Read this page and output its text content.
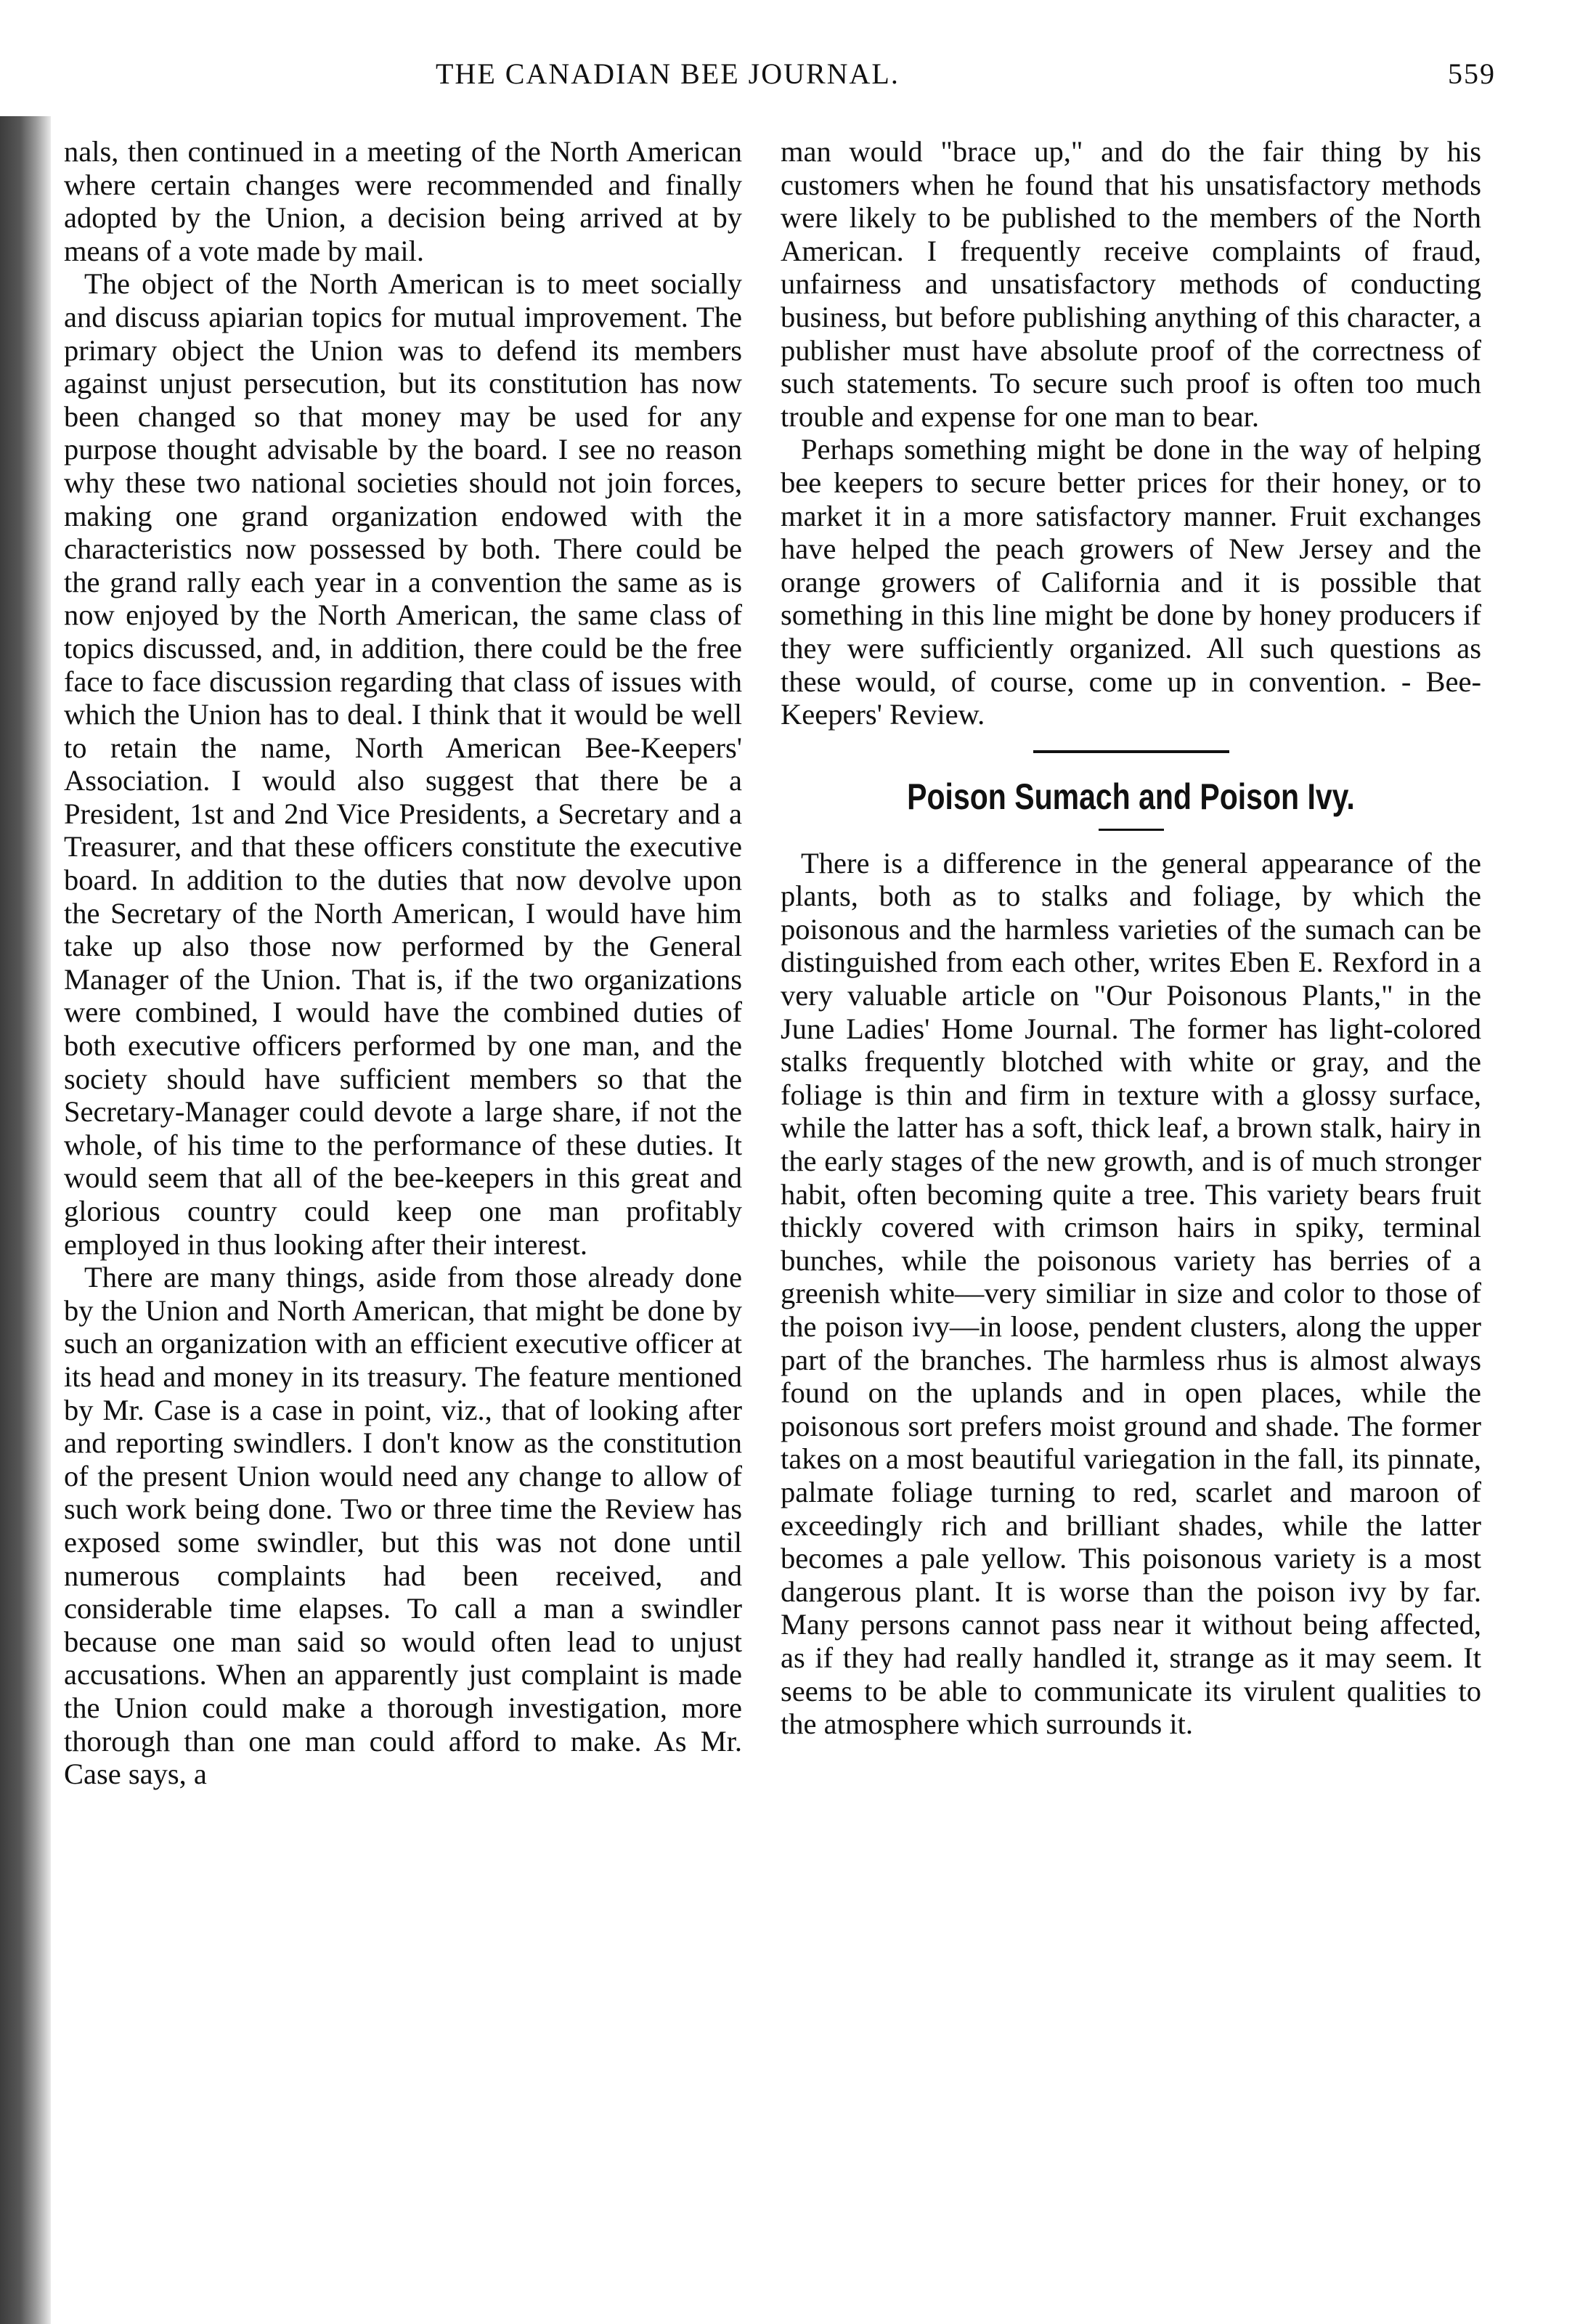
THE CANADIAN BEE JOURNAL.	559

nals, then continued in a meeting of the North American where certain changes were recommended and finally adopted by the Union, a decision being arrived at by means of a vote made by mail.

The object of the North American is to meet socially and discuss apiarian topics for mutual improvement. The primary object the Union was to defend its members against unjust persecution, but its constitution has now been changed so that money may be used for any purpose thought advisable by the board. I see no reason why these two national societies should not join forces, making one grand organization endowed with the characteristics now possessed by both. There could be the grand rally each year in a convention the same as is now enjoyed by the North American, the same class of topics discussed, and, in addition, there could be the free face to face discussion regarding that class of issues with which the Union has to deal. I think that it would be well to retain the name, North American Bee-Keepers' Association. I would also suggest that there be a President, 1st and 2nd Vice Presidents, a Secretary and a Treasurer, and that these officers constitute the executive board. In addition to the duties that now devolve upon the Secretary of the North American, I would have him take up also those now performed by the General Manager of the Union. That is, if the two organizations were combined, I would have the combined duties of both executive officers performed by one man, and the society should have sufficient members so that the Secretary-Manager could devote a large share, if not the whole, of his time to the performance of these duties. It would seem that all of the bee-keepers in this great and glorious country could keep one man profitably employed in thus looking after their interest.

There are many things, aside from those already done by the Union and North American, that might be done by such an organization with an efficient executive officer at its head and money in its treasury. The feature mentioned by Mr. Case is a case in point, viz., that of looking after and reporting swindlers. I don't know as the constitution of the present Union would need any change to allow of such work being done. Two or three time the Review has exposed some swindler, but this was not done until numerous complaints had been received, and considerable time elapses. To call a man a swindler because one man said so would often lead to unjust accusations. When an apparently just complaint is made the Union could make a thorough investigation, more thorough than one man could afford to make. As Mr. Case says, a

man would "brace up," and do the fair thing by his customers when he found that his unsatisfactory methods were likely to be published to the members of the North American. I frequently receive complaints of fraud, unfairness and unsatisfactory methods of conducting business, but before publishing anything of this character, a publisher must have absolute proof of the correctness of such statements. To secure such proof is often too much trouble and expense for one man to bear.

Perhaps something might be done in the way of helping bee keepers to secure better prices for their honey, or to market it in a more satisfactory manner. Fruit exchanges have helped the peach growers of New Jersey and the orange growers of California and it is possible that something in this line might be done by honey producers if they were sufficiently organized. All such questions as these would, of course, come up in convention. - Bee-Keepers' Review.

Poison Sumach and Poison Ivy.

There is a difference in the general appearance of the plants, both as to stalks and foliage, by which the poisonous and the harmless varieties of the sumach can be distinguished from each other, writes Eben E. Rexford in a very valuable article on "Our Poisonous Plants," in the June Ladies' Home Journal. The former has light-colored stalks frequently blotched with white or gray, and the foliage is thin and firm in texture with a glossy surface, while the latter has a soft, thick leaf, a brown stalk, hairy in the early stages of the new growth, and is of much stronger habit, often becoming quite a tree. This variety bears fruit thickly covered with crimson hairs in spiky, terminal bunches, while the poisonous variety has berries of a greenish white—very similiar in size and color to those of the poison ivy—in loose, pendent clusters, along the upper part of the branches. The harmless rhus is almost always found on the uplands and in open places, while the poisonous sort prefers moist ground and shade. The former takes on a most beautiful variegation in the fall, its pinnate, palmate foliage turning to red, scarlet and maroon of exceedingly rich and brilliant shades, while the latter becomes a pale yellow. This poisonous variety is a most dangerous plant. It is worse than the poison ivy by far. Many persons cannot pass near it without being affected, as if they had really handled it, strange as it may seem. It seems to be able to communicate its virulent qualities to the atmosphere which surrounds it.
